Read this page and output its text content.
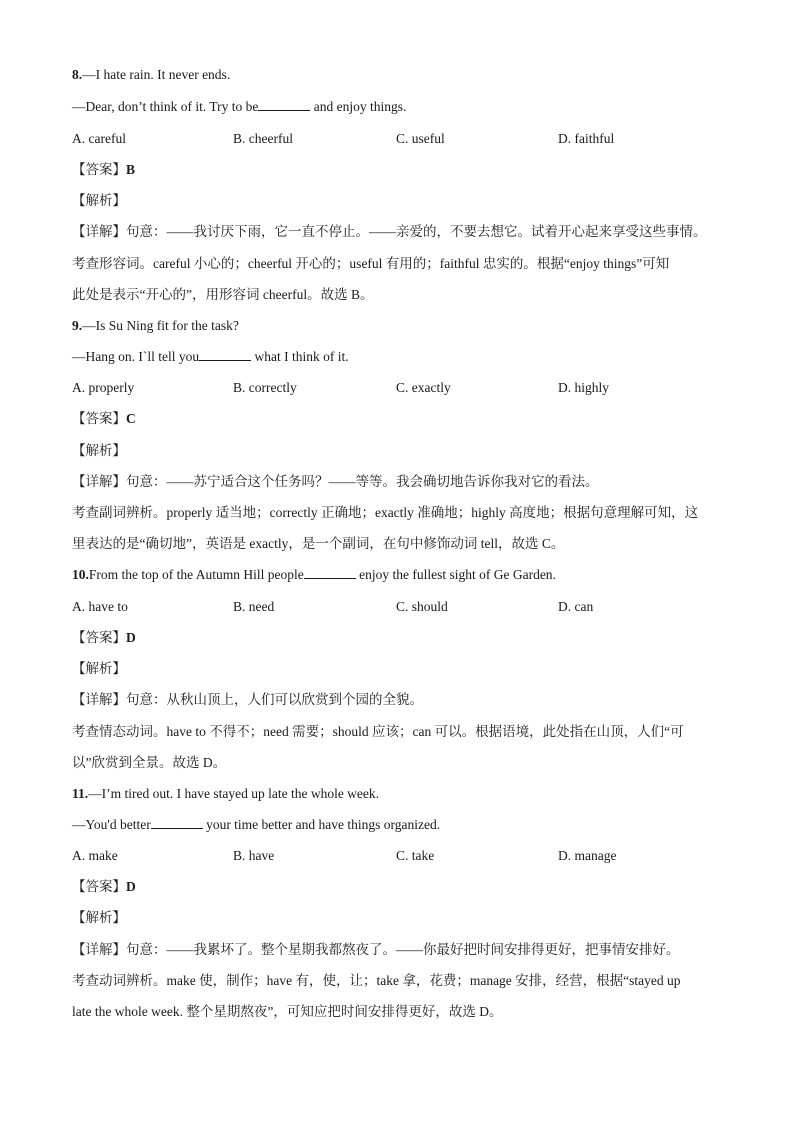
8.—I hate rain. It never ends.
—Dear, don’t think of it. Try to be	and enjoy things.
A. careful	B. cheerful	C. useful	D. faithful
【答案】B
【解析】
【详解】句意：——我讨厌下雨，它一直不停止。——亲爱的，不要去想它。试着开心起来享受这些事情。
考查形容词。careful 小心的；cheerful 开心的；useful 有用的；faithful 忠实的。根据“enjoy things”可知
此处是表示“开心的”，用形容词 cheerful。故选 B。
9.—Is Su Ning fit for the task?
—Hang on. I`ll tell you	what I think of it.
A. properly	B. correctly	C. exactly	D. highly
【答案】C
【解析】
【详解】句意：——苏宁适合这个任务吗？——等等。我会确切地告诉你我对它的看法。
考查副词辨析。properly 适当地；correctly 正确地；exactly 准确地；highly 高度地；根据句意理解可知，这
里表达的是“确切地”，英语是 exactly，是一个副词，在句中修饰动词 tell，故选 C。
10.From the top of the Autumn Hill people	enjoy the fullest sight of Ge Garden.
A. have to	B. need	C. should	D. can
【答案】D
【解析】
【详解】句意：从秋山顶上，人们可以欣赏到个园的全貌。
考查情态动词。have to 不得不；need 需要；should 应该；can 可以。根据语境，此处指在山顶，人们“可
以”欣赏到全景。故选 D。
11.—I’m tired out. I have stayed up late the whole week.
—You'd better	your time better and have things organized.
A. make	B. have	C. take	D. manage
【答案】D
【解析】
【详解】句意：——我累坏了。整个星期我都熬夜了。——你最好把时间安排得更好，把事情安排好。
考查动词辨析。make 使，制作；have 有，使，让；take 拿，花费；manage 安排，经营，根据“stayed up
late the whole week. 整个星期熬夜”，可知应把时间安排得更好，故选 D。
